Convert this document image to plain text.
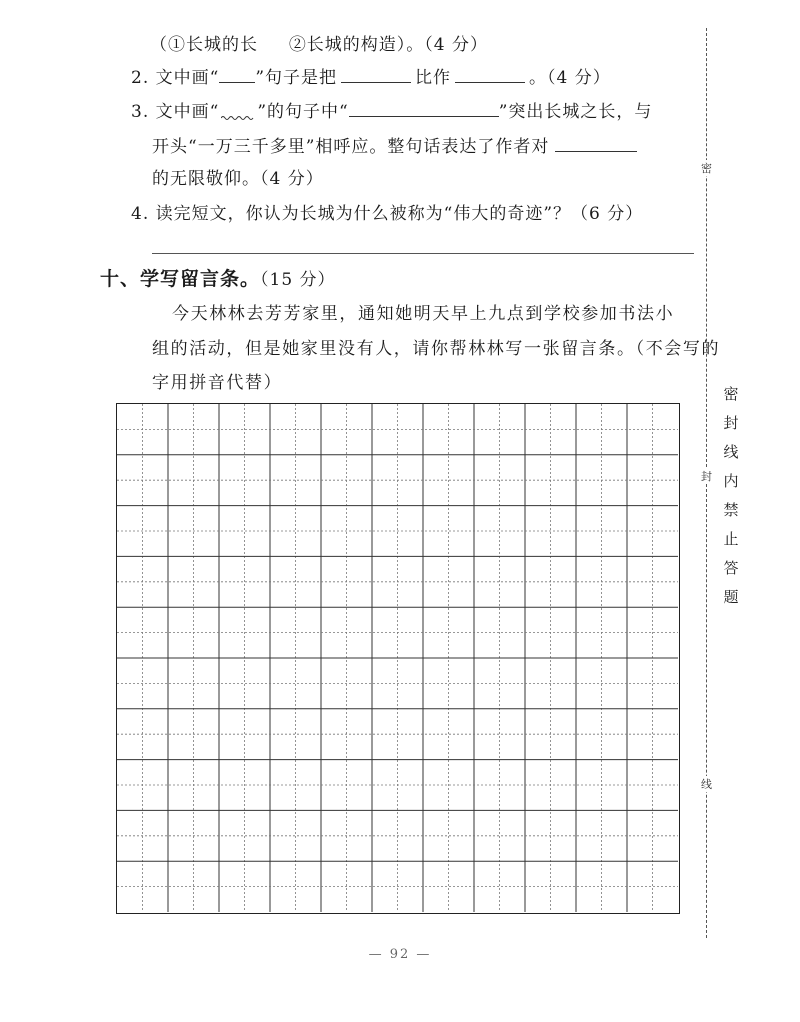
（①长城的长 ②长城的构造）。（4 分）
2. 文中画“ ”句子是把	比作	。（4 分）
3. 文中画“ ”的句子中“	”突出长城之长，与
开头“一万三千多里”相呼应。整句话表达了作者对
的无限敬仰。（4 分）
4. 读完短文，你认为长城为什么被称为“伟大的奇迹”？（6 分）
十、学写留言条。（15 分）
今天林林去芳芳家里，通知她明天早上九点到学校参加书法小
组的活动，但是她家里没有人，请你帮林林写一张留言条。（不会写的
字用拼音代替）
密
封
线
密封线内禁止答题
— 92 —
